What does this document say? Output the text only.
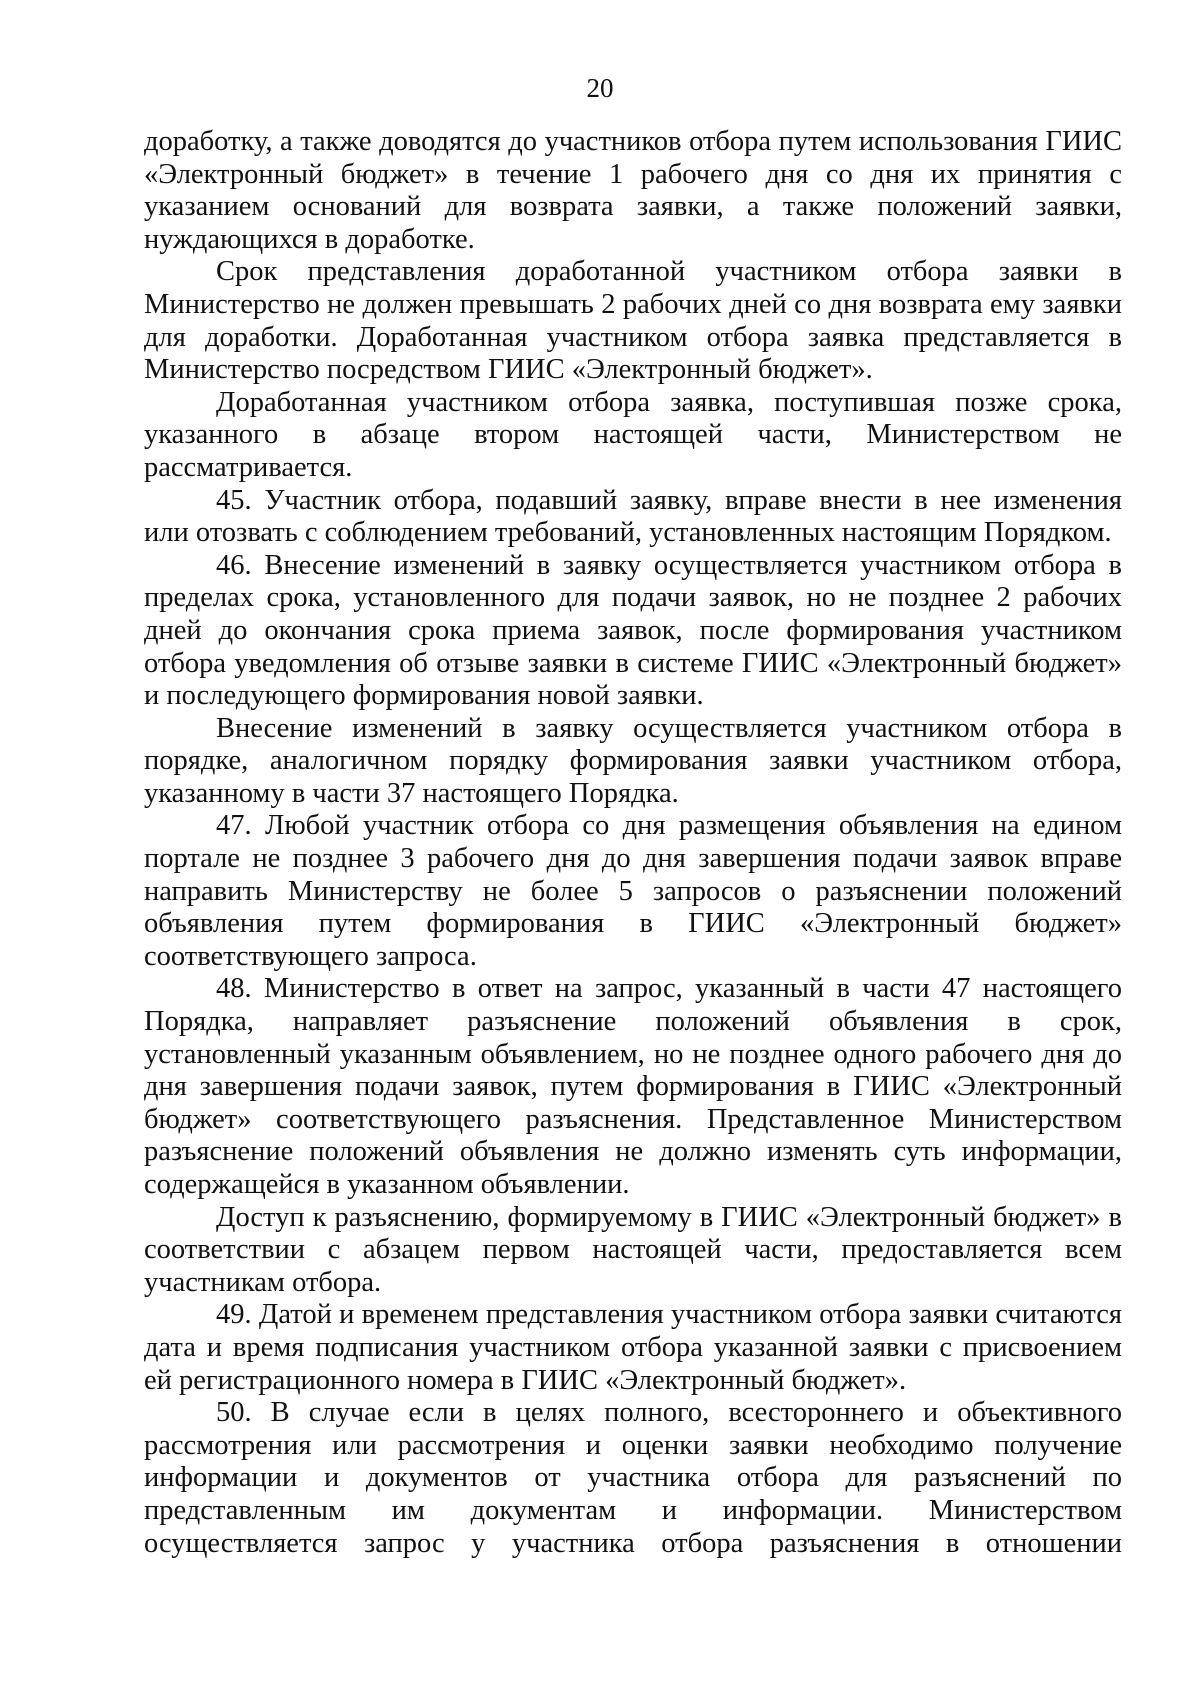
20

доработку, а также доводятся до участников отбора путем использования ГИИС «Электронный бюджет» в течение 1 рабочего дня со дня их принятия с указанием оснований для возврата заявки, а также положений заявки, нуждающихся в доработке.

Срок представления доработанной участником отбора заявки в Министерство не должен превышать 2 рабочих дней со дня возврата ему заявки для доработки. Доработанная участником отбора заявка представляется в Министерство посредством ГИИС «Электронный бюджет».

Доработанная участником отбора заявка, поступившая позже срока, указанного в абзаце втором настоящей части, Министерством не рассматривается.

45. Участник отбора, подавший заявку, вправе внести в нее изменения или отозвать с соблюдением требований, установленных настоящим Порядком.

46. Внесение изменений в заявку осуществляется участником отбора в пределах срока, установленного для подачи заявок, но не позднее 2 рабочих дней до окончания срока приема заявок, после формирования участником отбора уведомления об отзыве заявки в системе ГИИС «Электронный бюджет» и последующего формирования новой заявки.

Внесение изменений в заявку осуществляется участником отбора в порядке, аналогичном порядку формирования заявки участником отбора, указанному в части 37 настоящего Порядка.

47. Любой участник отбора со дня размещения объявления на едином портале не позднее 3 рабочего дня до дня завершения подачи заявок вправе направить Министерству не более 5 запросов о разъяснении положений объявления путем формирования в ГИИС «Электронный бюджет» соответствующего запроса.

48. Министерство в ответ на запрос, указанный в части 47 настоящего Порядка, направляет разъяснение положений объявления в срок, установленный указанным объявлением, но не позднее одного рабочего дня до дня завершения подачи заявок, путем формирования в ГИИС «Электронный бюджет» соответствующего разъяснения. Представленное Министерством разъяснение положений объявления не должно изменять суть информации, содержащейся в указанном объявлении.

Доступ к разъяснению, формируемому в ГИИС «Электронный бюджет» в соответствии с абзацем первом настоящей части, предоставляется всем участникам отбора.

49. Датой и временем представления участником отбора заявки считаются дата и время подписания участником отбора указанной заявки с присвоением ей регистрационного номера в ГИИС «Электронный бюджет».

50. В случае если в целях полного, всестороннего и объективного рассмотрения или рассмотрения и оценки заявки необходимо получение информации и документов от участника отбора для разъяснений по представленным им документам и информации. Министерством осуществляется запрос у участника отбора разъяснения в отношении
